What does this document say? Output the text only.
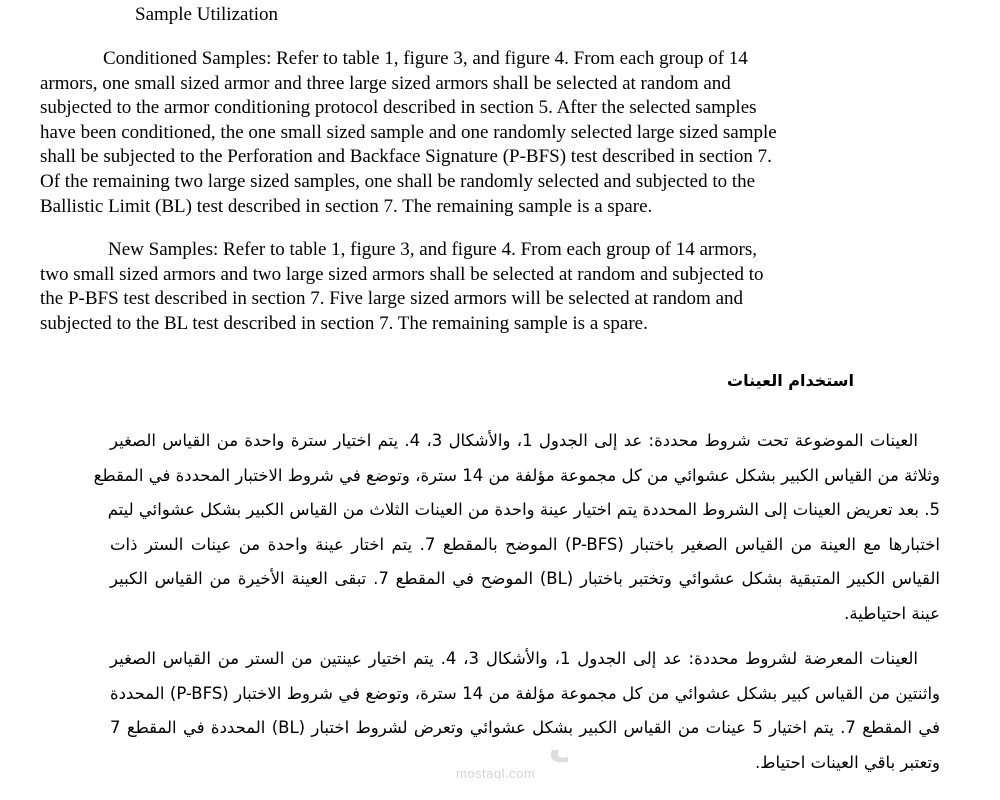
Sample Utilization
Conditioned Samples: Refer to table 1, figure 3, and figure 4. From each group of 14
armors, one small sized armor and three large sized armors shall be selected at random and
subjected to the armor conditioning protocol described in section 5. After the selected samples
have been conditioned, the one small sized sample and one randomly selected large sized sample
shall be subjected to the Perforation and Backface Signature (P-BFS) test described in section 7.
Of the remaining two large sized samples, one shall be randomly selected and subjected to the
Ballistic Limit (BL) test described in section 7. The remaining sample is a spare.
New Samples: Refer to table 1, figure 3, and figure 4. From each group of 14 armors,
two small sized armors and two large sized armors shall be selected at random and subjected to
the P-BFS test described in section 7. Five large sized armors will be selected at random and
subjected to the BL test described in section 7. The remaining sample is a spare.
استخدام العينات
العينات الموضوعة تحت شروط محددة: عد إلى الجدول 1، والأشكال 3، 4. يتم اختيار سترة واحدة من القياس الصغير
وثلاثة من القياس الكبير بشكل عشوائي من كل مجموعة مؤلفة من 14 سترة، وتوضع في شروط الاختبار المحددة في المقطع
5. بعد تعريض العينات إلى الشروط المحددة يتم اختيار عينة واحدة من العينات الثلاث من القياس الكبير بشكل عشوائي ليتم
اختبارها مع العينة من القياس الصغير باختبار (P-BFS) الموضح بالمقطع 7. يتم اختار عينة واحدة من عينات الستر ذات
القياس الكبير المتبقية بشكل عشوائي وتختبر باختبار (BL) الموضح في المقطع 7. تبقى العينة الأخيرة من القياس الكبير
عينة احتياطية.
العينات المعرضة لشروط محددة: عد إلى الجدول 1، والأشكال 3، 4. يتم اختيار عينتين من الستر من القياس الصغير
واثنتين من القياس كبير بشكل عشوائي من كل مجموعة مؤلفة من 14 سترة، وتوضع في شروط الاختبار (P-BFS) المحددة
في المقطع 7. يتم اختيار 5 عينات من القياس الكبير بشكل عشوائي وتعرض لشروط اختبار (BL) المحددة في المقطع 7
وتعتبر باقي العينات احتياط.
ل
mostaql.com
